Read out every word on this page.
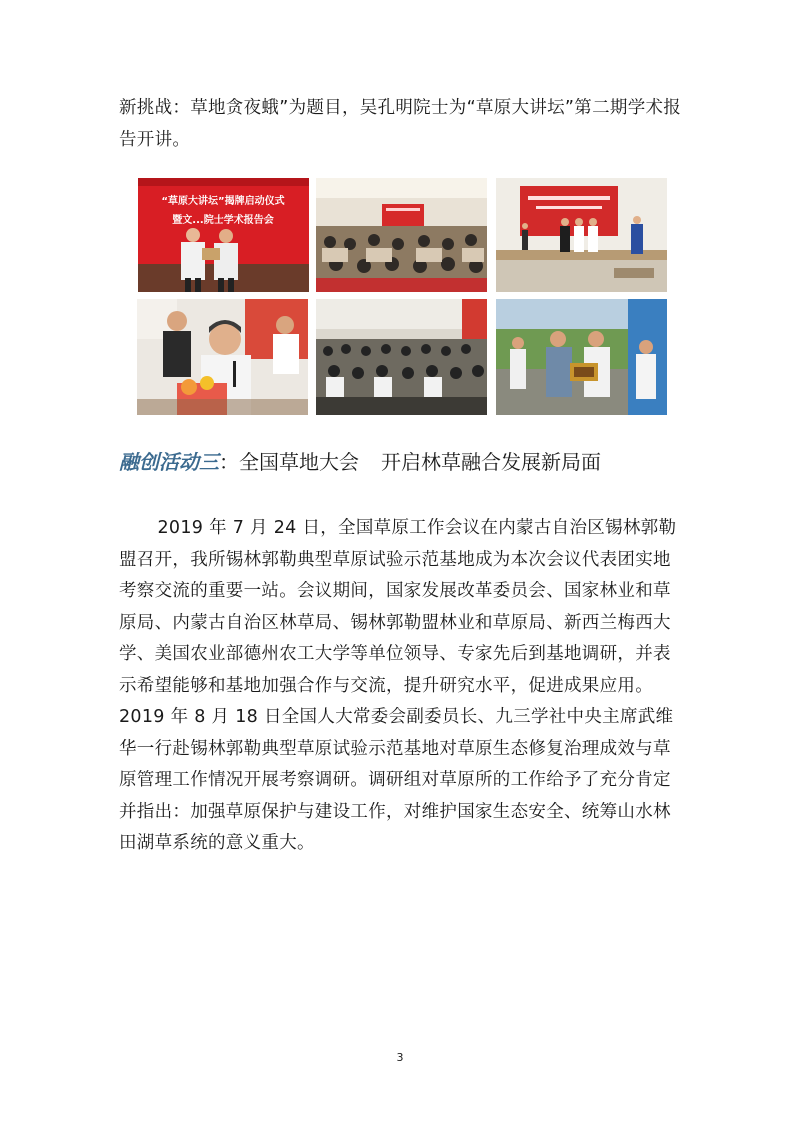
新挑战：草地贪夜蛾”为题目，吴孔明院士为“草原大讲坛”第二期学术报告开讲。
“草原大讲坛”揭牌启动仪式
暨文...院士学术报告会
融创活动三：全国草地大会 开启林草融合发展新局面
2019 年 7 月 24 日，全国草原工作会议在内蒙古自治区锡林郭勒盟召开，我所锡林郭勒典型草原试验示范基地成为本次会议代表团实地考察交流的重要一站。会议期间，国家发展改革委员会、国家林业和草原局、内蒙古自治区林草局、锡林郭勒盟林业和草原局、新西兰梅西大学、美国农业部德州农工大学等单位领导、专家先后到基地调研，并表示希望能够和基地加强合作与交流，提升研究水平，促进成果应用。2019 年 8 月 18 日全国人大常委会副委员长、九三学社中央主席武维华一行赴锡林郭勒典型草原试验示范基地对草原生态修复治理成效与草原管理工作情况开展考察调研。调研组对草原所的工作给予了充分肯定并指出：加强草原保护与建设工作，对维护国家生态安全、统筹山水林田湖草系统的意义重大。
3
